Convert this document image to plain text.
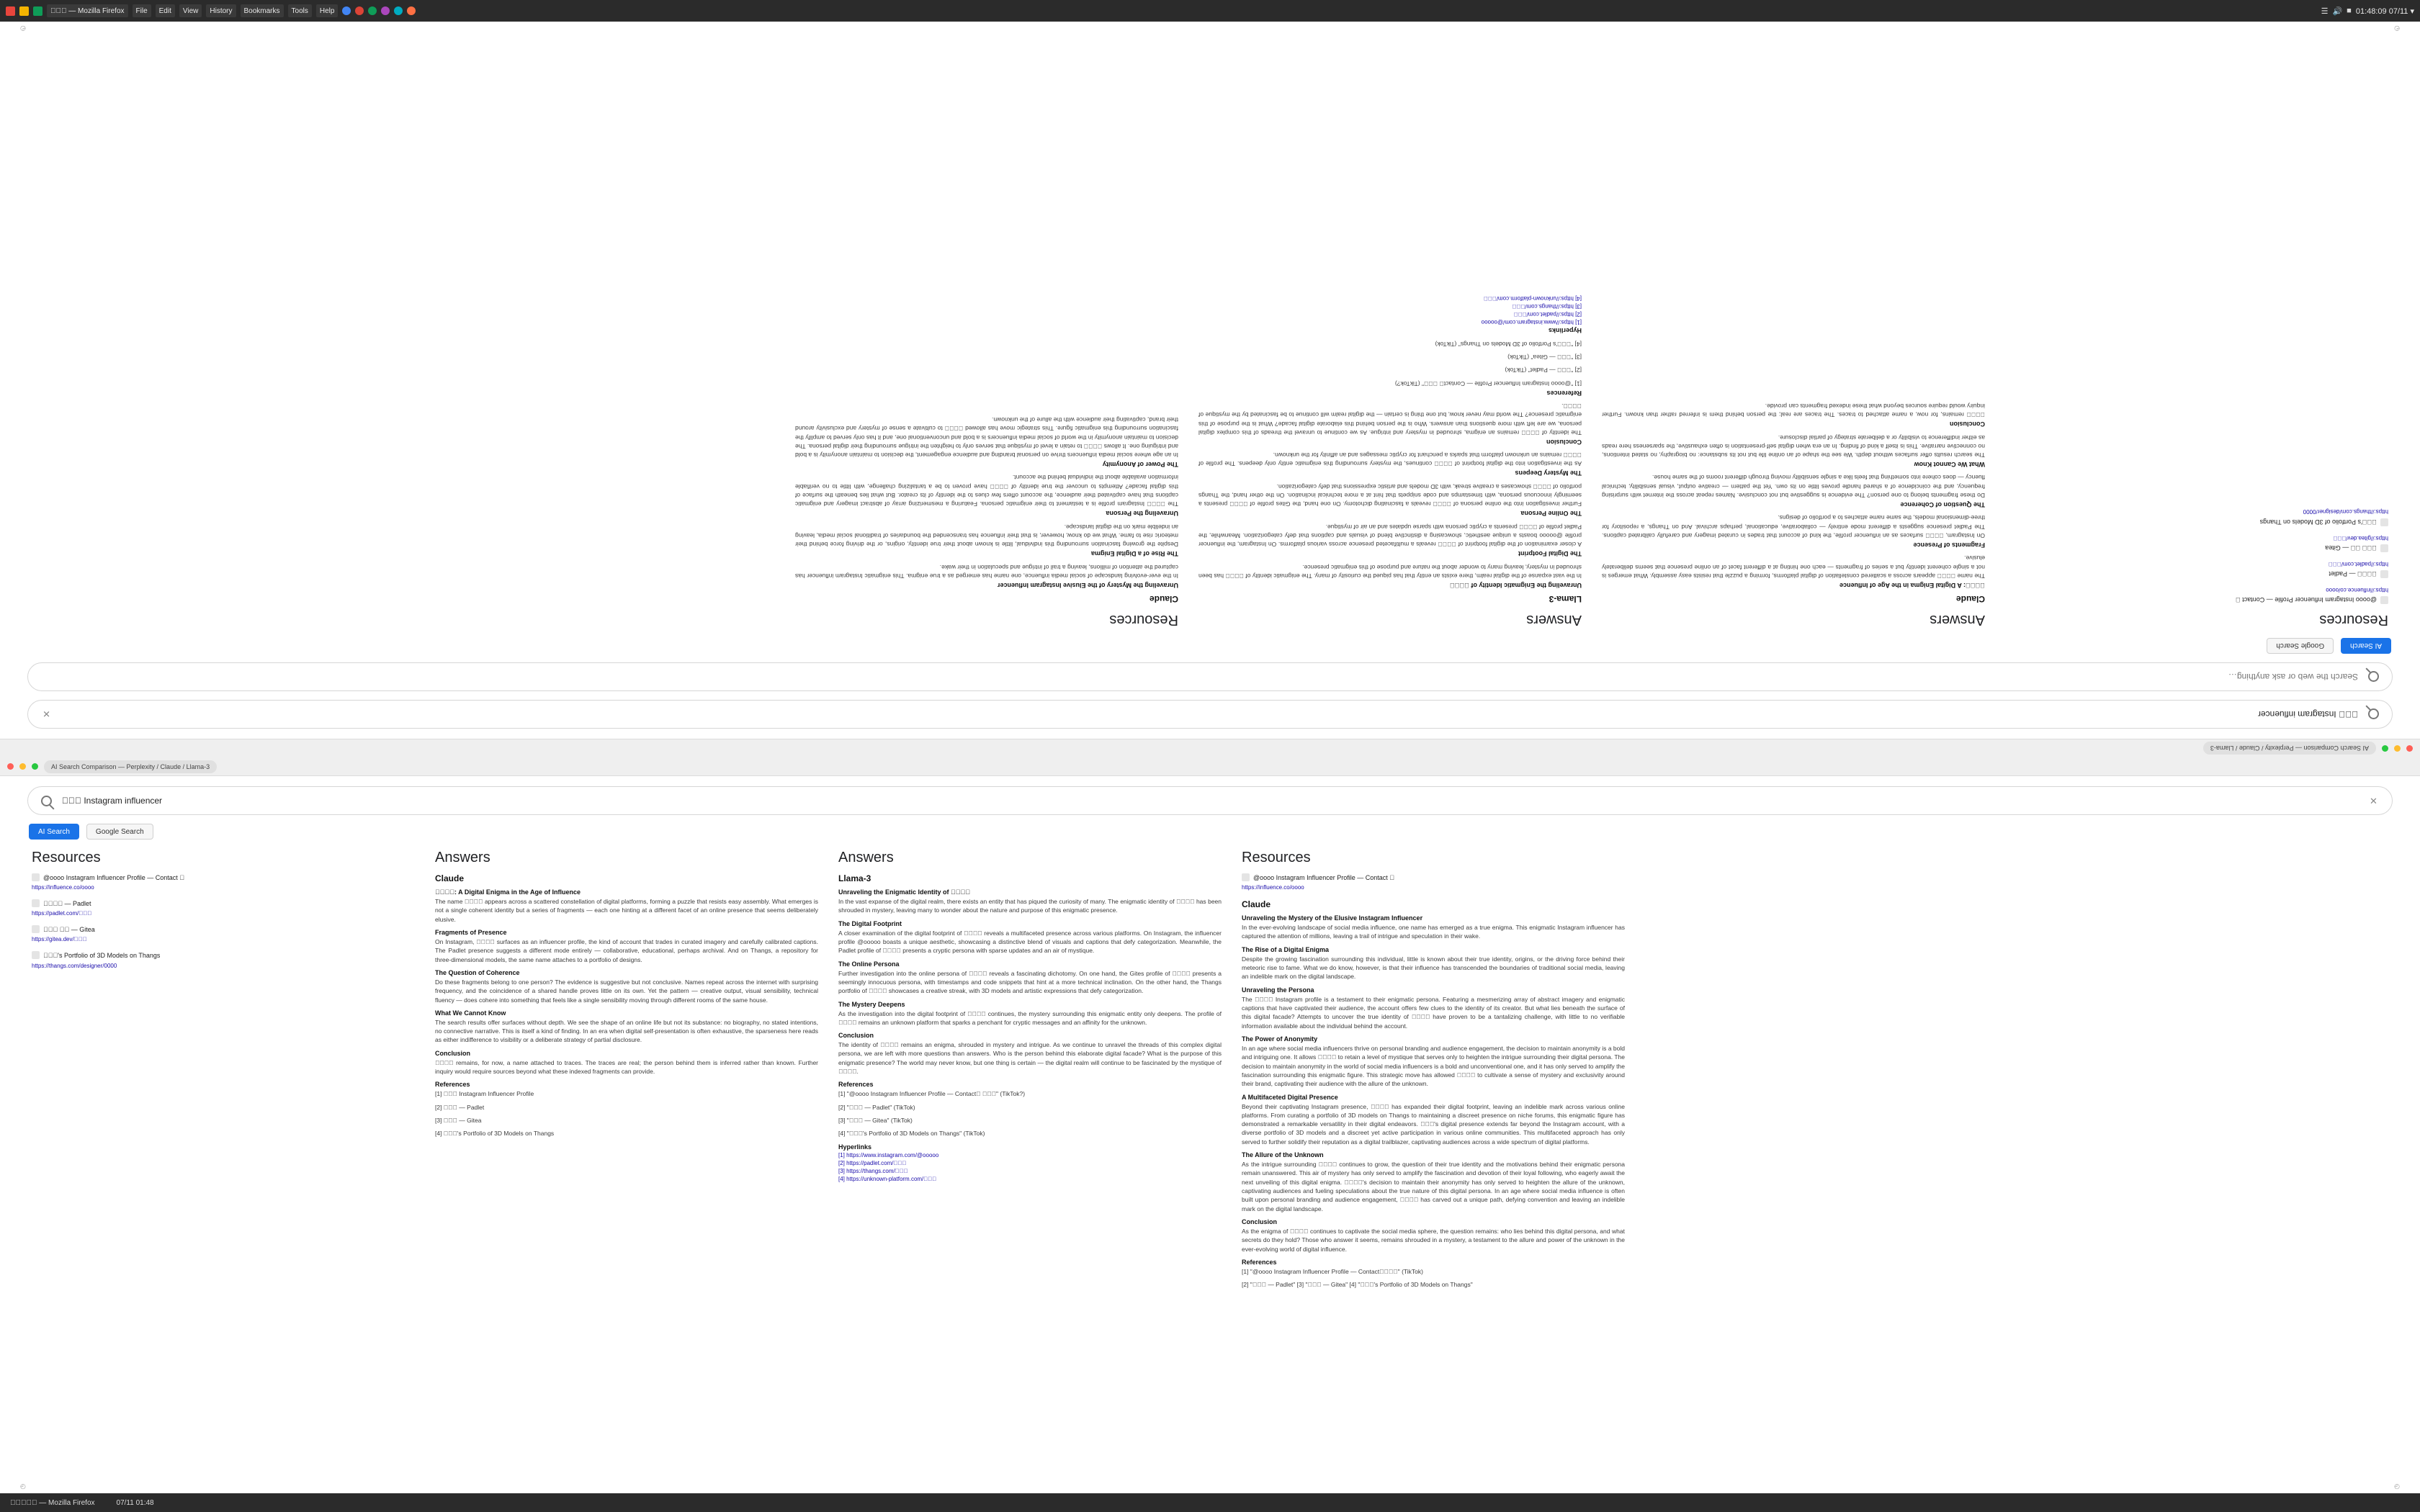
    — Mozilla Firefox	File	Edit	View	History	Bookmarks	Tools	Help	☰ 🔊 ■ 01:48:09 07/11 ▾
AI Search Comparison — Perplexity / Claude / Llama-3
    Instagram influencer
✕
Search the web or ask anything…
AI Search
Google Search
Resources
@oooo Instagram Influencer Profile — Contact  
https://influence.co/oooo
     — Padlet
https://padlet.com/   
       — Gitea
https://gitea.dev/   
   's Portfolio of 3D Models on Thangs
https://thangs.com/designer/0000
Answers
Claude
    : A Digital Enigma in the Age of Influence

The name      appears across a scattered constellation of digital platforms, forming a puzzle that resists easy assembly. What emerges is not a single coherent identity but a series of fragments — each one hinting at a different facet of an online presence that seems deliberately elusive.

Fragments of Presence

On Instagram,      surfaces as an influencer profile, the kind of account that trades in curated imagery and carefully calibrated captions. The Padlet presence suggests a different mode entirely — collaborative, educational, perhaps archival. And on Thangs, a repository for three-dimensional models, the same name attaches to a portfolio of designs.

The Question of Coherence

Do these fragments belong to one person? The evidence is suggestive but not conclusive. Names repeat across the internet with surprising frequency, and the coincidence of a shared handle proves little on its own. Yet the pattern — creative output, visual sensibility, technical fluency — does cohere into something that feels like a single sensibility moving through different rooms of the same house.

What We Cannot Know

The search results offer surfaces without depth. We see the shape of an online life but not its substance: no biography, no stated intentions, no connective narrative. This is itself a kind of finding. In an era when digital self-presentation is often exhaustive, the sparseness here reads as either indifference to visibility or a deliberate strategy of partial disclosure.

Conclusion

     remains, for now, a name attached to traces. The traces are real; the person behind them is inferred rather than known. Further inquiry would require sources beyond what these indexed fragments can provide.

Answers
Llama-3
Unraveling the Enigmatic Identity of     

In the vast expanse of the digital realm, there exists an entity that has piqued the curiosity of many. The enigmatic identity of      has been shrouded in mystery, leaving many to wonder about the nature and purpose of this enigmatic presence.

The Digital Footprint

A closer examination of the digital footprint of      reveals a multifaceted presence across various platforms. On Instagram, the influencer profile @ooooo boasts a unique aesthetic, showcasing a distinctive blend of visuals and captions that defy categorization. Meanwhile, the Padlet profile of      presents a cryptic persona with sparse updates and an air of mystique.

The Online Persona

Further investigation into the online persona of      reveals a fascinating dichotomy. On one hand, the Gites profile of      presents a seemingly innocuous persona, with timestamps and code snippets that hint at a more technical inclination. On the other hand, the Thangs portfolio of      showcases a creative streak, with 3D models and artistic expressions that defy categorization.

The Mystery Deepens

As the investigation into the digital footprint of      continues, the mystery surrounding this enigmatic entity only deepens. The profile of      remains an unknown platform that sparks a penchant for cryptic messages and an affinity for the unknown.

Conclusion

The identity of      remains an enigma, shrouded in mystery and intrigue. As we continue to unravel the threads of this complex digital persona, we are left with more questions than answers. Who is the person behind this elaborate digital facade? What is the purpose of this enigmatic presence? The world may never know, but one thing is certain — the digital realm will continue to be fascinated by the mystique of     .

References

[1] "@oooo Instagram Influencer Profile — Contact     " (TikTok?)

[2] "    — Padlet" (TikTok)

[3] "    — Gitea" (TikTok)

[4] "   's Portfolio of 3D Models on Thangs" (TikTok)

Hyperlinks
[1] https://www.instagram.com/@ooooo
[2] https://padlet.com/   
[3] https://thangs.com/   
[4] https://unknown-platform.com/   
Resources
Claude
Unraveling the Mystery of the Elusive Instagram Influencer

In the ever-evolving landscape of social media influence, one name has emerged as a true enigma. This enigmatic Instagram influencer has captured the attention of millions, leaving a trail of intrigue and speculation in their wake.

The Rise of a Digital Enigma

Despite the growing fascination surrounding this individual, little is known about their true identity, origins, or the driving force behind their meteoric rise to fame. What we do know, however, is that their influence has transcended the boundaries of traditional social media, leaving an indelible mark on the digital landscape.

Unraveling the Persona

The      Instagram profile is a testament to their enigmatic persona. Featuring a mesmerizing array of abstract imagery and enigmatic captions that have captivated their audience, the account offers few clues to the identity of its creator. But what lies beneath the surface of this digital facade? Attempts to uncover the true identity of      have proven to be a tantalizing challenge, with little to no verifiable information available about the individual behind the account.

The Power of Anonymity

In an age where social media influencers thrive on personal branding and audience engagement, the decision to maintain anonymity is a bold and intriguing one. It allows      to retain a level of mystique that serves only to heighten the intrigue surrounding their digital persona. The decision to maintain anonymity in the world of social media influencers is a bold and unconventional one, and it has only served to amplify the fascination surrounding this enigmatic figure. This strategic move has allowed      to cultivate a sense of mystery and exclusivity around their brand, captivating their audience with the allure of the unknown.

◴
◴
AI Search Comparison — Perplexity / Claude / Llama-3
    Instagram influencer
✕
AI Search	Google Search
Resources
@oooo Instagram Influencer Profile — Contact  
https://influence.co/oooo
     — Padlet
https://padlet.com/   
       — Gitea
https://gitea.dev/   
   's Portfolio of 3D Models on Thangs
https://thangs.com/designer/0000
Answers
Claude
    : A Digital Enigma in the Age of Influence

The name      appears across a scattered constellation of digital platforms, forming a puzzle that resists easy assembly. What emerges is not a single coherent identity but a series of fragments — each one hinting at a different facet of an online presence that seems deliberately elusive.

Fragments of Presence

On Instagram,      surfaces as an influencer profile, the kind of account that trades in curated imagery and carefully calibrated captions. The Padlet presence suggests a different mode entirely — collaborative, educational, perhaps archival. And on Thangs, a repository for three-dimensional models, the same name attaches to a portfolio of designs.

The Question of Coherence

Do these fragments belong to one person? The evidence is suggestive but not conclusive. Names repeat across the internet with surprising frequency, and the coincidence of a shared handle proves little on its own. Yet the pattern — creative output, visual sensibility, technical fluency — does cohere into something that feels like a single sensibility moving through different rooms of the same house.

What We Cannot Know

The search results offer surfaces without depth. We see the shape of an online life but not its substance: no biography, no stated intentions, no connective narrative. This is itself a kind of finding. In an era when digital self-presentation is often exhaustive, the sparseness here reads as either indifference to visibility or a deliberate strategy of partial disclosure.

Conclusion

     remains, for now, a name attached to traces. The traces are real; the person behind them is inferred rather than known. Further inquiry would require sources beyond what these indexed fragments can provide.

References

[1]     Instagram Influencer Profile

[2]     — Padlet

[3]     — Gitea

[4]    's Portfolio of 3D Models on Thangs

Answers
Llama-3
Unraveling the Enigmatic Identity of     

In the vast expanse of the digital realm, there exists an entity that has piqued the curiosity of many. The enigmatic identity of      has been shrouded in mystery, leaving many to wonder about the nature and purpose of this enigmatic presence.

The Digital Footprint

A closer examination of the digital footprint of      reveals a multifaceted presence across various platforms. On Instagram, the influencer profile @ooooo boasts a unique aesthetic, showcasing a distinctive blend of visuals and captions that defy categorization. Meanwhile, the Padlet profile of      presents a cryptic persona with sparse updates and an air of mystique.

The Online Persona

Further investigation into the online persona of      reveals a fascinating dichotomy. On one hand, the Gites profile of      presents a seemingly innocuous persona, with timestamps and code snippets that hint at a more technical inclination. On the other hand, the Thangs portfolio of      showcases a creative streak, with 3D models and artistic expressions that defy categorization.

The Mystery Deepens

As the investigation into the digital footprint of      continues, the mystery surrounding this enigmatic entity only deepens. The profile of      remains an unknown platform that sparks a penchant for cryptic messages and an affinity for the unknown.

Conclusion

The identity of      remains an enigma, shrouded in mystery and intrigue. As we continue to unravel the threads of this complex digital persona, we are left with more questions than answers. Who is the person behind this elaborate digital facade? What is the purpose of this enigmatic presence? The world may never know, but one thing is certain — the digital realm will continue to be fascinated by the mystique of     .

References

[1] "@oooo Instagram Influencer Profile — Contact     " (TikTok?)

[2] "    — Padlet" (TikTok)

[3] "    — Gitea" (TikTok)

[4] "   's Portfolio of 3D Models on Thangs" (TikTok)

Hyperlinks
[1] https://www.instagram.com/@ooooo
[2] https://padlet.com/   
[3] https://thangs.com/   
[4] https://unknown-platform.com/   
Resources
@oooo Instagram Influencer Profile — Contact  
https://influence.co/oooo
Claude
Unraveling the Mystery of the Elusive Instagram Influencer

In the ever-evolving landscape of social media influence, one name has emerged as a true enigma. This enigmatic Instagram influencer has captured the attention of millions, leaving a trail of intrigue and speculation in their wake.

The Rise of a Digital Enigma

Despite the growing fascination surrounding this individual, little is known about their true identity, origins, or the driving force behind their meteoric rise to fame. What we do know, however, is that their influence has transcended the boundaries of traditional social media, leaving an indelible mark on the digital landscape.

Unraveling the Persona

The      Instagram profile is a testament to their enigmatic persona. Featuring a mesmerizing array of abstract imagery and enigmatic captions that have captivated their audience, the account offers few clues to the identity of its creator. But what lies beneath the surface of this digital facade? Attempts to uncover the true identity of      have proven to be a tantalizing challenge, with little to no verifiable information available about the individual behind the account.

The Power of Anonymity

In an age where social media influencers thrive on personal branding and audience engagement, the decision to maintain anonymity is a bold and intriguing one. It allows      to retain a level of mystique that serves only to heighten the intrigue surrounding their digital persona. The decision to maintain anonymity in the world of social media influencers is a bold and unconventional one, and it has only served to amplify the fascination surrounding this enigmatic figure. This strategic move has allowed      to cultivate a sense of mystery and exclusivity around their brand, captivating their audience with the allure of the unknown.

A Multifaceted Digital Presence

Beyond their captivating Instagram presence,      has expanded their digital footprint, leaving an indelible mark across various online platforms. From curating a portfolio of 3D models on Thangs to maintaining a discreet presence on niche forums, this enigmatic figure has demonstrated a remarkable versatility in their digital endeavors.    's digital presence extends far beyond the Instagram account, with a diverse portfolio of 3D models and a discreet yet active participation in various online communities. This multifaceted approach has only served to further solidify their reputation as a digital trailblazer, captivating audiences across a wide spectrum of digital platforms.

The Allure of the Unknown

As the intrigue surrounding      continues to grow, the question of their true identity and the motivations behind their enigmatic persona remain unanswered. This air of mystery has only served to amplify the fascination and devotion of their loyal following, who eagerly await the next unveiling of this digital enigma.     's decision to maintain their anonymity has only served to heighten the allure of the unknown, captivating audiences and fueling speculations about the true nature of this digital persona. In an age where social media influence is often built upon personal branding and audience engagement,      has carved out a unique path, defying convention and leaving an indelible mark on the digital landscape.

Conclusion

As the enigma of      continues to captivate the social media sphere, the question remains: who lies behind this digital persona, and what secrets do they hold? Those who answer it seems, remains shrouded in a mystery, a testament to the allure and power of the unknown in the ever-evolving world of digital influence.

References

[1] "@oooo Instagram Influencer Profile — Contact    " (TikTok)

[2] "    — Padlet" [3] "    — Gitea" [4] "   's Portfolio of 3D Models on Thangs"

◴	◴
      — Mozilla Firefox	07/11 01:48
